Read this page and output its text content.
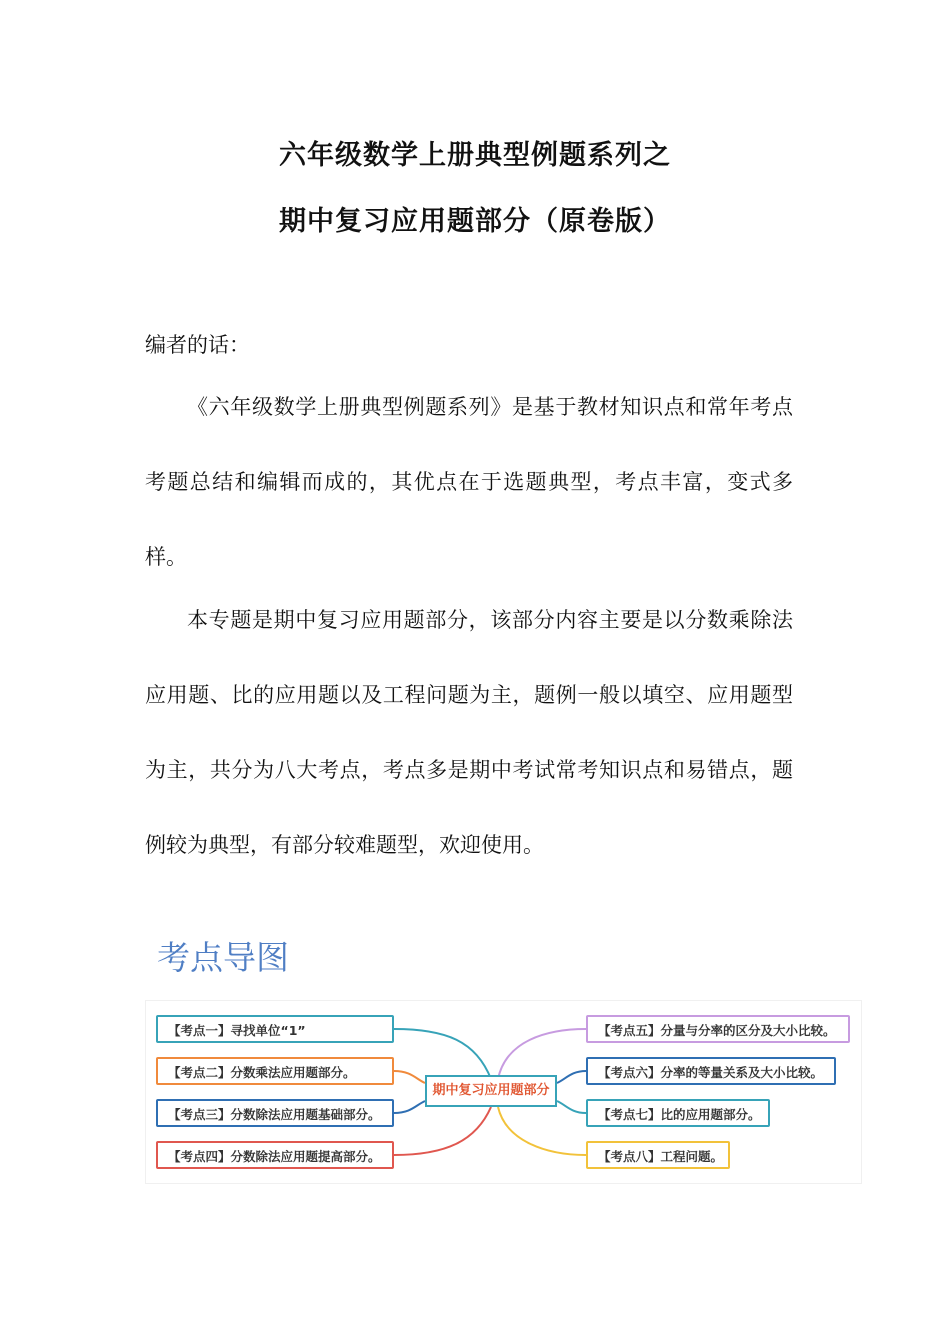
六年级数学上册典型例题系列之
期中复习应用题部分（原卷版）

编者的话：

《六年级数学上册典型例题系列》是基于教材知识点和常年考点考题总结和编辑而成的，其优点在于选题典型，考点丰富，变式多样。

本专题是期中复习应用题部分，该部分内容主要是以分数乘除法应用题、比的应用题以及工程问题为主，题例一般以填空、应用题型为主，共分为八大考点，考点多是期中考试常考知识点和易错点，题例较为典型，有部分较难题型，欢迎使用。

考点导图
期中复习应用题部分
【考点一】寻找单位“1”
【考点二】分数乘法应用题部分。
【考点三】分数除法应用题基础部分。
【考点四】分数除法应用题提高部分。
【考点五】分量与分率的区分及大小比较。
【考点六】分率的等量关系及大小比较。
【考点七】比的应用题部分。
【考点八】工程问题。
